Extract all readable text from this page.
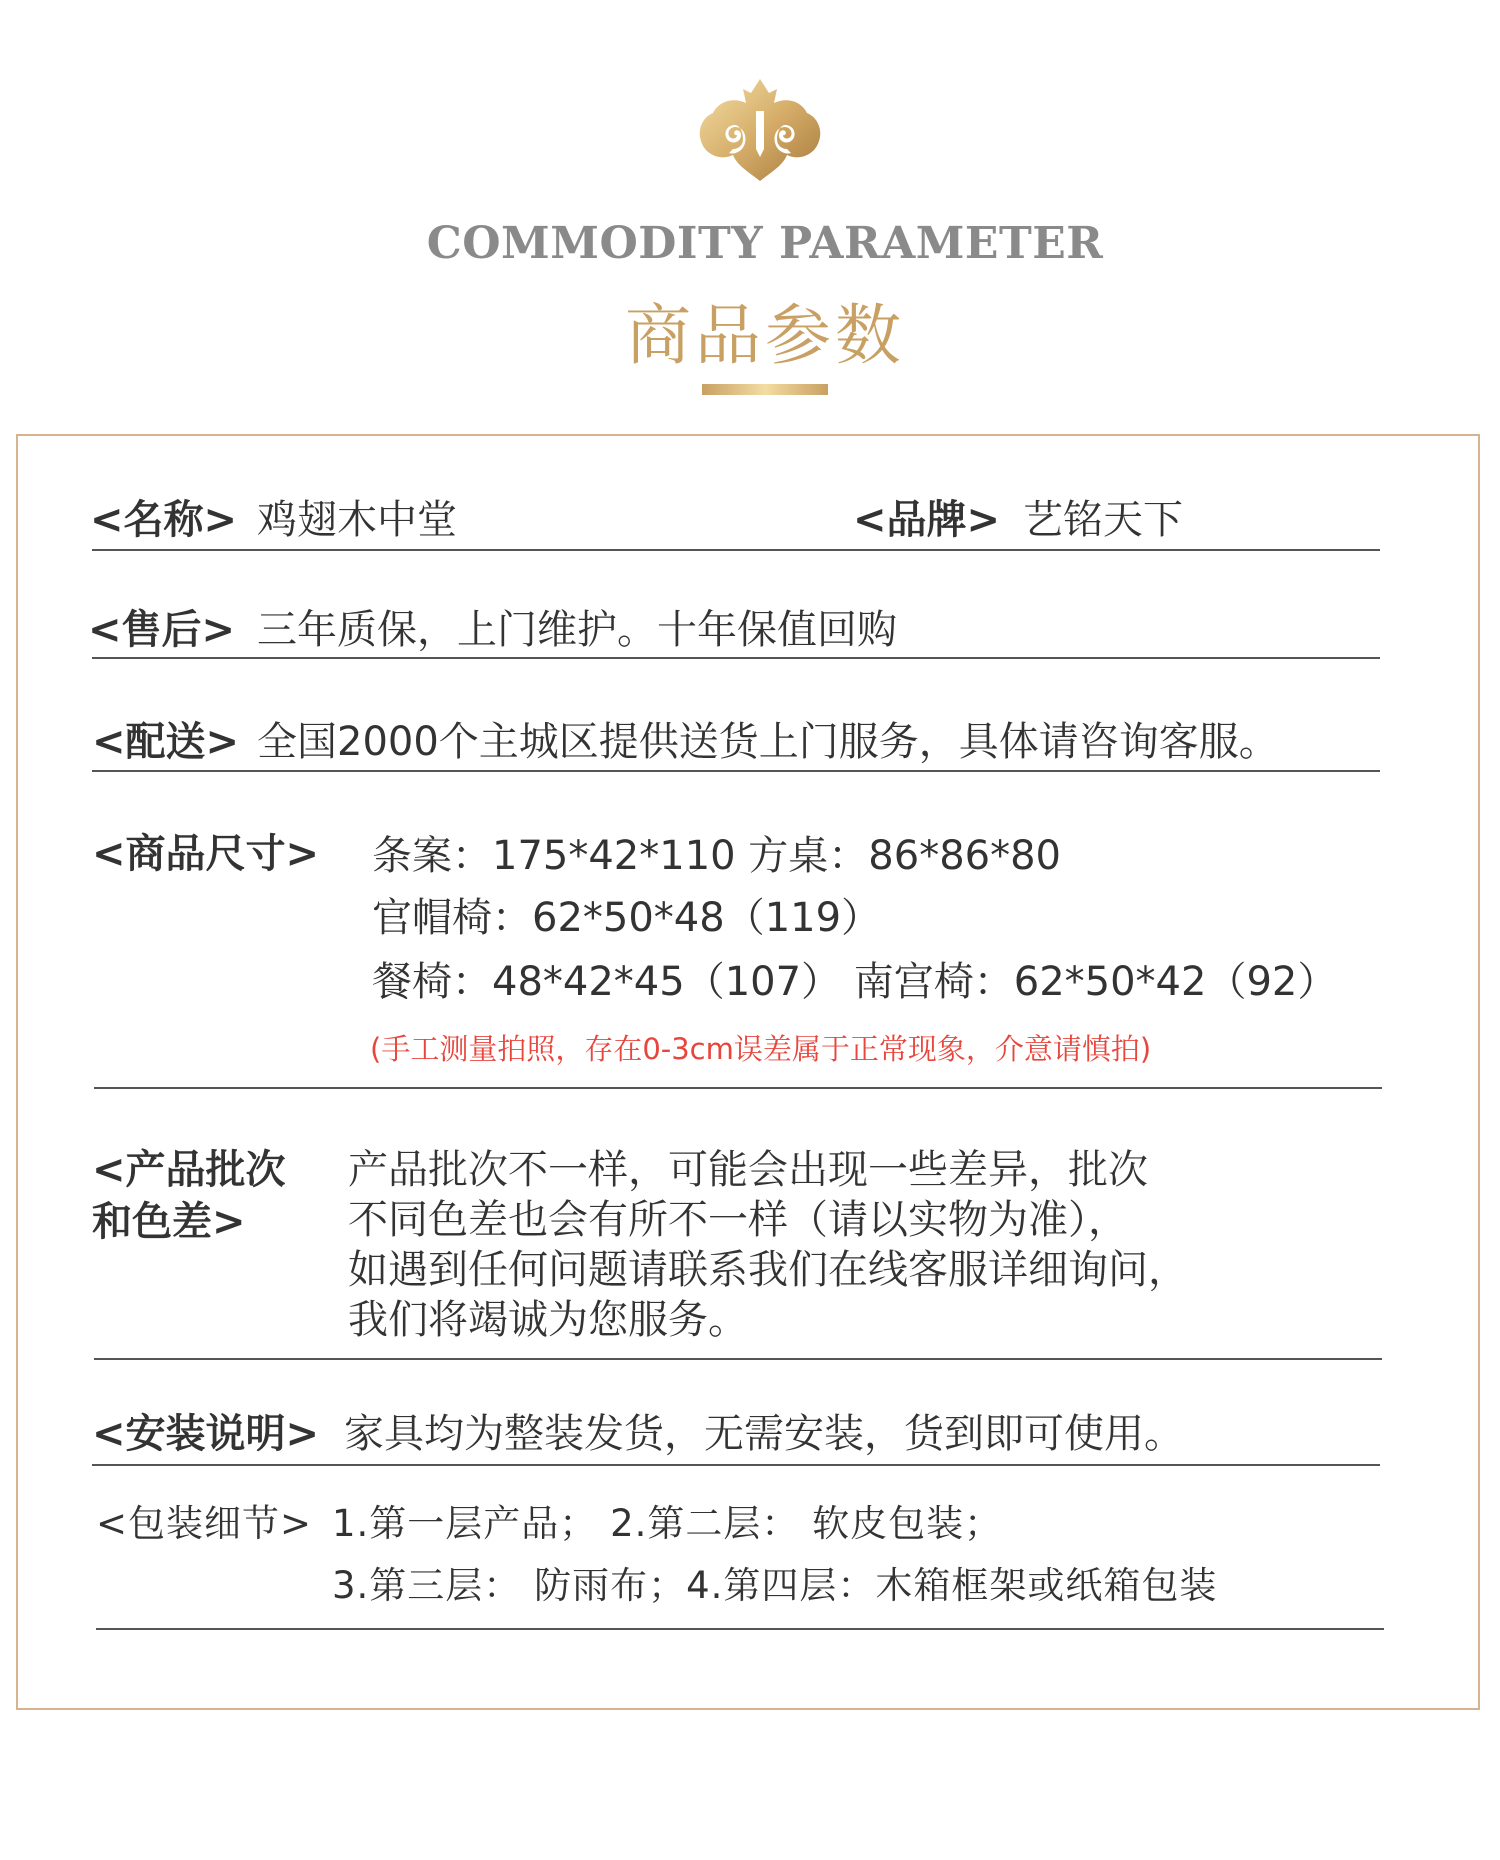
COMMODITY PARAMETER
商品参数
<名称> 鸡翅木中堂	<品牌> 艺铭天下
<售后> 三年质保，上门维护。十年保值回购
<配送> 全国2000个主城区提供送货上门服务，具体请咨询客服。
<商品尺寸> 条案：175*42*110 方桌：86*86*80
官帽椅：62*50*48（119）
餐椅：48*42*45（107） 南宫椅：62*50*42（92）
(手工测量拍照，存在0-3cm误差属于正常现象，介意请慎拍)
<产品批次
和色差>
产品批次不一样，可能会出现一些差异，批次
不同色差也会有所不一样（请以实物为准），
如遇到任何问题请联系我们在线客服详细询问，
我们将竭诚为您服务。
<安装说明> 家具均为整装发货，无需安装，货到即可使用。
<包装细节> 1.第一层产品； 2.第二层： 软皮包装；
3.第三层： 防雨布；4.第四层：木箱框架或纸箱包装
